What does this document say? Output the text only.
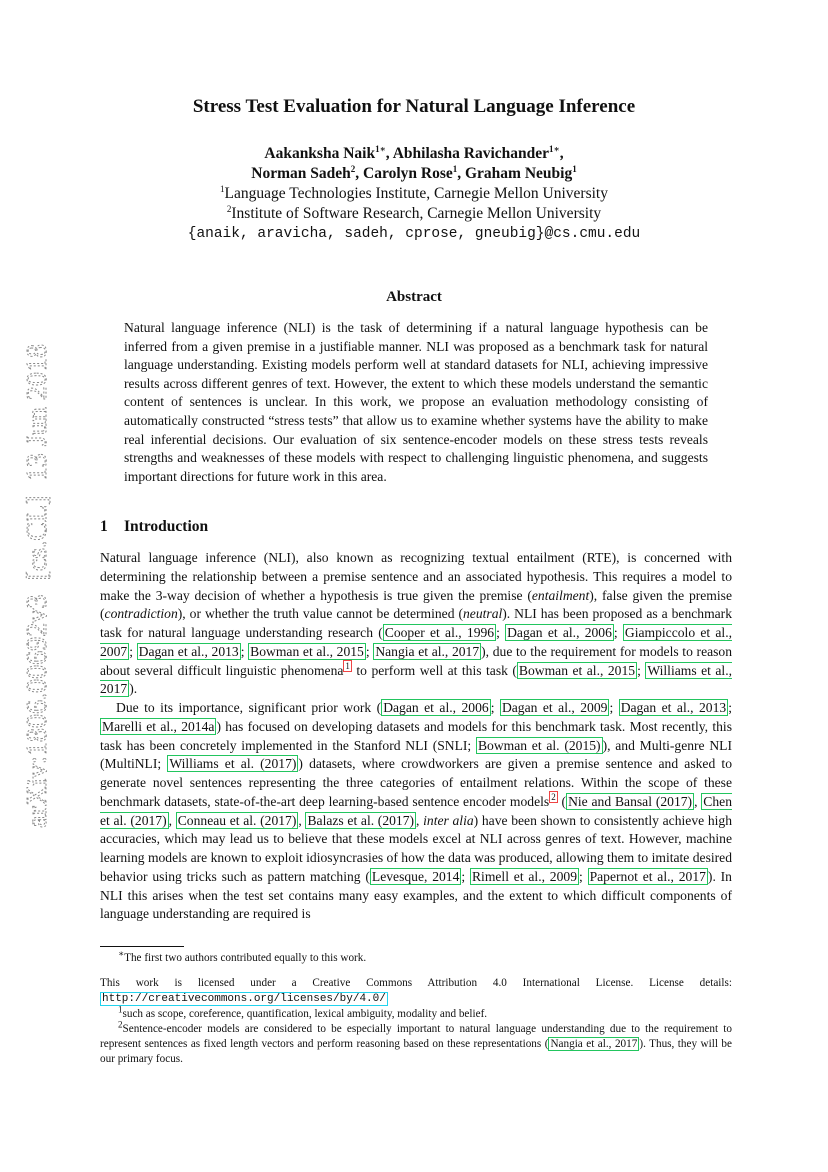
arXiv:1806.00692v3  [cs.CL]  13 Jun 2018
Stress Test Evaluation for Natural Language Inference
Aakanksha Naik$^{1∗}$, Abhilasha Ravichander$^{1∗}$,
Norman Sadeh$^2$, Carolyn Rose$^1$, Graham Neubig$^1$
$^1$Language Technologies Institute, Carnegie Mellon University
$^2$Institute of Software Research, Carnegie Mellon University
{anaik, aravicha, sadeh, cprose, gneubig}@cs.cmu.edu
Abstract

Natural language inference (NLI) is the task of determining if a natural language hypothesis can be inferred from a given premise in a justifiable manner. NLI was proposed as a benchmark task for natural language understanding. Existing models perform well at standard datasets for NLI, achieving impressive results across different genres of text. However, the extent to which these models understand the semantic content of sentences is unclear. In this work, we propose an evaluation methodology consisting of automatically constructed “stress tests” that allow us to examine whether systems have the ability to make real inferential decisions. Our evaluation of six sentence-encoder models on these stress tests reveals strengths and weaknesses of these models with respect to challenging linguistic phenomena, and suggests important directions for future work in this area.

1 Introduction

Natural language inference (NLI), also known as recognizing textual entailment (RTE), is concerned with determining the relationship between a premise sentence and an associated hypothesis. This requires a model to make the 3-way decision of whether a hypothesis is true given the premise (entailment), false given the premise (contradiction), or whether the truth value cannot be determined (neutral). NLI has been proposed as a benchmark task for natural language understanding research ( Cooper et al., 1996 ; Dagan et al., 2006 ; Giampiccolo et al., 2007 ; Dagan et al., 2013 ; Bowman et al., 2015 ; Nangia et al., 2017 ), due to the requirement for models to reason about several difficult linguistic phenomena $^1$ to perform well at this task ( Bowman et al., 2015 ; Williams et al., 2017 ).

Due to its importance, significant prior work ( Dagan et al., 2006 ; Dagan et al., 2009 ; Dagan et al., 2013 ; Marelli et al., 2014a ) has focused on developing datasets and models for this benchmark task. Most recently, this task has been concretely implemented in the Stanford NLI (SNLI; Bowman et al. (2015) ), and Multi-genre NLI (MultiNLI; Williams et al. (2017) ) datasets, where crowdworkers are given a premise sentence and asked to generate novel sentences representing the three categories of entailment relations. Within the scope of these benchmark datasets, state-of-the-art deep learning-based sentence encoder models $^2$ ( Nie and Bansal (2017) , Chen et al. (2017) , Conneau et al. (2017) , Balazs et al. (2017) , inter alia) have been shown to consistently achieve high accuracies, which may lead us to believe that these models excel at NLI across genres of text. However, machine learning models are known to exploit idiosyncrasies of how the data was produced, allowing them to imitate desired behavior using tricks such as pattern matching ( Levesque, 2014 ; Rimell et al., 2009 ; Papernot et al., 2017 ). In NLI this arises when the test set contains many easy examples, and the extent to which difficult components of language understanding are required is

∗The first two authors contributed equally to this work.

This work is licensed under a Creative Commons Attribution 4.0 International License. License details: http://creativecommons.org/licenses/by/4.0/

$^1$such as scope, coreference, quantification, lexical ambiguity, modality and belief.

$^2$Sentence-encoder models are considered to be especially important to natural language understanding due to the requirement to represent sentences as fixed length vectors and perform reasoning based on these representations ( Nangia et al., 2017 ). Thus, they will be our primary focus.
